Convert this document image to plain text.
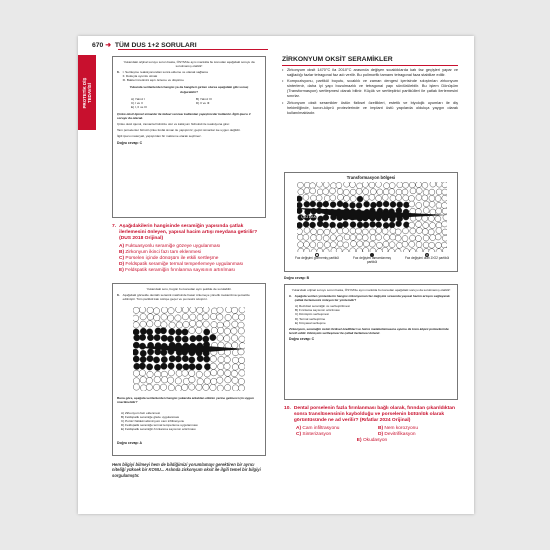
PROTETİK DİŞ TEDAVİSİ
670 ➜ TÜM DUS 1+2 SORULARI
Yukarıdaki orijinal soruyu sorun basta, ÖSYM'de aynı mantıkla bu konudan aşağıdaki soruyu da sorulmamış olabilir!
8. I. Sertleşme reaksiyonundan sonra ekleme ve olanak sağlama
II. Dokuyla uyumlu olmak
III. Bakteri üretimini aşırı önleme ve düşürme
Yukarıda verilenlerden hangisi ya da hangileri gırılan olursa aşağıdaki gibi sonuç doğurabilir?
A) Yalnız I	B) Yalnız III
C) I ve II	D) II ve III
E) I, II ve III
Çinko oksit öjenol simanlar ile tedavi sonrası kullanılan yapıştırıcılar kullanılır. İlgili ipucu 3 soruyu da olacak.
Çinko oksit öjenol, zamanla hidrolize olur ve kalsiyum hidroksit ile reaksiyona girer.
Tam porselenler birincil çinko fosfat siman ile yapıştırılır; geçici simanlar ise uygun değildir.
İlgili ipucu materyali, yapıştırılan bir malzeme olarak seçilmez.
Doğru cevap: C
7. Aşağıdakilerin hangisinde seramiğin yapısında çatlak ilerlemesini önleyen, yapısal hacim artışı meydana getirilir? (DUS 2018 Orijinal)
A) Fuktuasyonlu seramiğe gözeye uygulanması
B) Zirkonyum ikinci fazı tam eklenmesi
C) Porselen içinde dönüşüm ile etkili sertleşme
D) Feldspatik seramiğe termal temperlemeye uygulanması
E) Feldspatik seramiğin fırınlanma sayısının artırılması
Yukarıdaki soru, bugün bu konudan aynı şekilde de sorulabilir.
8. Aşağıdaki görselde dentallı seramik matrisinde hasar önlemeye yönelik mekanizma şematize edilmiştir. Tüm partikül katı sürüşe geçer ve çevresini sıkıştırır.
Buna göre, aşağıda verilenlerden hangisi yukarıda anlatılan etkinin yerine gelmesi için uygun önerilmelidir?
A) Zirkonyum fazı eklenmesi
B) Feldspatik seramiğe glaze uygulanması
C) Porsiz hâldeki alüminyum cam infiltrasyonu
D) Feldspatik seramiğe termal temperleme uygulanması
E) Feldspatik seramiğin fırınlanma sayısının artırılması
Doğru cevap: A
Hem bilgiyi bilmeyi hem de bildiğimizi yorumlamayı gerektiren bir ayrıcı niteliği yüksek bir KONU... Aslında zirkonyum oksit ile ilgili temel bir bilgiyi sorgulamıştır.
ZİRKONYUM OKSİT SERAMİKLER
• Zirkonyum oksit 1470°C ila 2010°C arasında değişen sıcaklıklarda katı faz geçişleri yapar ve sağladığı fazlar tetragonal faz adı verilir. Bu polimorfik tamamı tetragonal faza stabilize edilir.
• Kompozisyonu, partikül boyutu, sıcaklık ve zaman dengesi içerisinde sıkıştırılan zirkonyum sinterlenir, daha iyi yapı bozulmazlık ve tetragonal yapı sürdürülebilir. Bu işlem Dönüşüm (Transformasyon) sertleşmesi olarak bilinir. Küçük ve sertleştirici partikülleri ile çatlak ilerlemesini sınırlar.
• Zirkonyum oksit seramikler üstün fiziksel özellikleri, estetik ve biyolojik uyumları ile diş hekimliğinde, kuron-köprü protezlerinde ve implant üstü yapılarda oldukça yaygın olarak kullanılmaktadır.
Transformasyon bölgesi
ÇATLAK
Faz değişimi görmemiş partikül	Faz değişimi tamamlanmış partikül
Faz değişimi olan ZrO2 partikül
Doğru cevap: B
Yukarıdaki orijinal soruyu sorun basta, ÖSYM'de aynı mantıkla bu konudan aşağıdaki soruyu da sorulmamış olabilir!
9. Aşağıda verilen yöntemlerin hangisi zirkonyumun faz değişimi sırasında yapısal hacim artışını sağlayarak çatlak ilerlemesini önleyen bir yöntemdir?
A) Rezidüel seramiğin ısı sertleştirilmesi
B) Fırınlama sayısının artırılması
C) Dönüşüm sertleşmesi
D) Termal sertleştirme
E) Kimyasal sertleşme
Zirkonyum, seramiğin üstün fiziksel özellikleri ve hücre metabolizmasına uyumu ile kron-köprü protezlerinde tercih edilir. Dönüşüm sertleşmesi ile çatlak ilerlemesi önlenir.
Doğru cevap: C
10. Dental porselenin fazla fırınlanması bağlı olarak, fırından çıkarıldıktan sonra translüsensinin kaybolduğu ve porselenin bütünlük olarak görüntüsünde ne ad verilir? (Rıfatlar 2024 Orijinal)
A) Cam infiltrasyonu	B) Nem korozyonu
C) Sinterizasyon	D) Devitrifikasyon
E) Okudasyon
